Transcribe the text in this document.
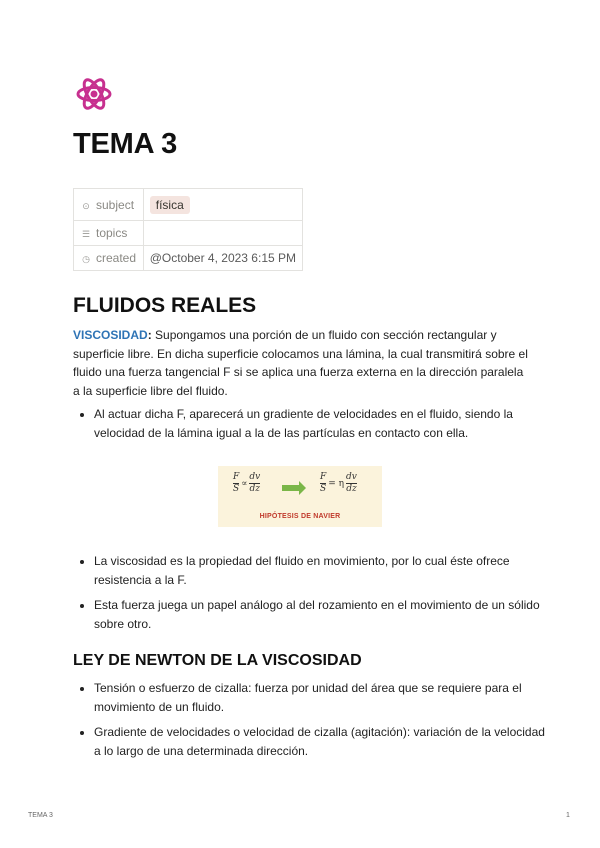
TEMA 3
⊙ subject	física
☰ topics	
◷ created	@October 4, 2023 6:15 PM
FLUIDOS REALES

VISCOSIDAD: Supongamos una porción de un fluido con sección rectangular y superficie libre. En dicha superficie colocamos una lámina, la cual transmitirá sobre el fluido una fuerza tangencial F si se aplica una fuerza externa en la dirección paralela a la superficie libre del fluido.

• Al actuar dicha F, aparecerá un gradiente de velocidades en el fluido, siendo la velocidad de la lámina igual a la de las partículas en contacto con ella.
$\frac{F}{S} \propto \frac{dv}{dz}$	$\frac{F}{S} = \eta \frac{dv}{dz}$
HIPÓTESIS DE NAVIER
• La viscosidad es la propiedad del fluido en movimiento, por lo cual éste ofrece resistencia a la F.
• Esta fuerza juega un papel análogo al del rozamiento en el movimiento de un sólido sobre otro.
LEY DE NEWTON DE LA VISCOSIDAD
• Tensión o esfuerzo de cizalla: fuerza por unidad del área que se requiere para el movimiento de un fluido.
• Gradiente de velocidades o velocidad de cizalla (agitación): variación de la velocidad a lo largo de una determinada dirección.
TEMA 3	1
